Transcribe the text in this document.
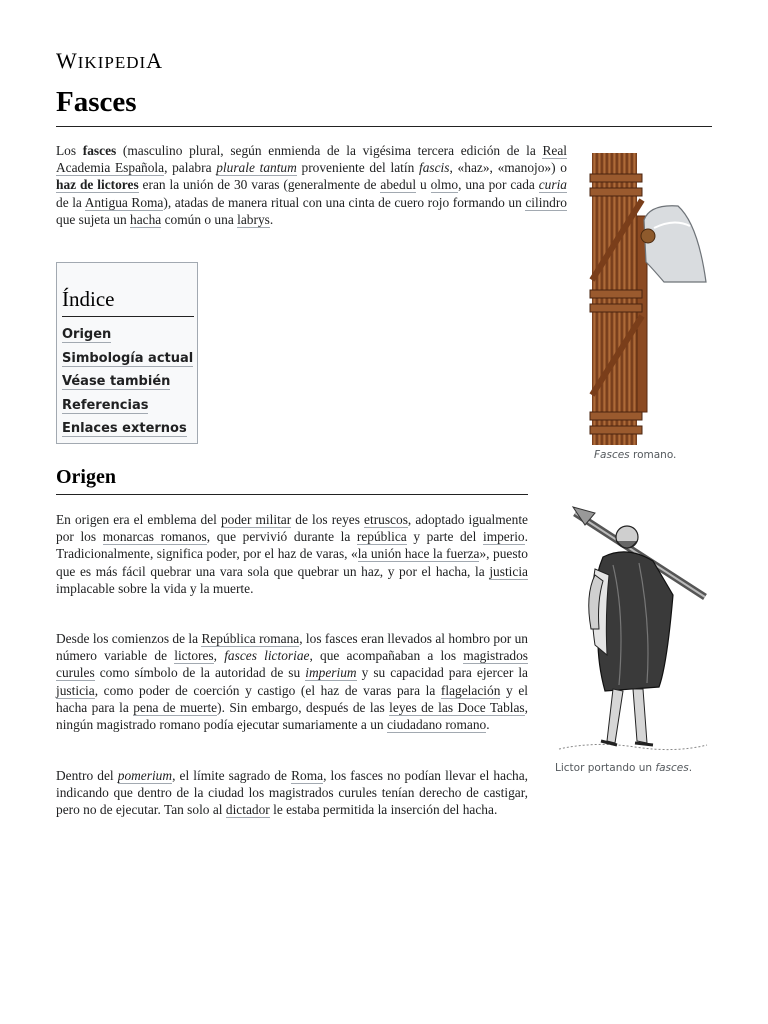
WIKIPEDIA
Fasces

Los fasces (masculino plural, según enmienda de la vigésima tercera edición de la Real Academia Española, palabra plurale tantum proveniente del latín fascis, «haz», «manojo») o haz de lictores eran la unión de 30 varas (generalmente de abedul u olmo, una por cada curia de la Antigua Roma), atadas de manera ritual con una cinta de cuero rojo formando un cilindro que sujeta un hacha común o una labrys.

Índice
Origen
Simbología actual
Véase también
Referencias
Enlaces externos
Fasces romano.
Origen

En origen era el emblema del poder militar de los reyes etruscos, adoptado igualmente por los monarcas romanos, que pervivió durante la república y parte del imperio. Tradicionalmente, significa poder, por el haz de varas, «la unión hace la fuerza», puesto que es más fácil quebrar una vara sola que quebrar un haz, y por el hacha, la justicia implacable sobre la vida y la muerte.

Desde los comienzos de la República romana, los fasces eran llevados al hombro por un número variable de lictores, fasces lictoriae, que acompañaban a los magistrados curules como símbolo de la autoridad de su imperium y su capacidad para ejercer la justicia, como poder de coerción y castigo (el haz de varas para la flagelación y el hacha para la pena de muerte). Sin embargo, después de las leyes de las Doce Tablas, ningún magistrado romano podía ejecutar sumariamente a un ciudadano romano.

Dentro del pomerium, el límite sagrado de Roma, los fasces no podían llevar el hacha, indicando que dentro de la ciudad los magistrados curules tenían derecho de castigar, pero no de ejecutar. Tan solo al dictador le estaba permitida la inserción del hacha.

Lictor portando un fasces.
